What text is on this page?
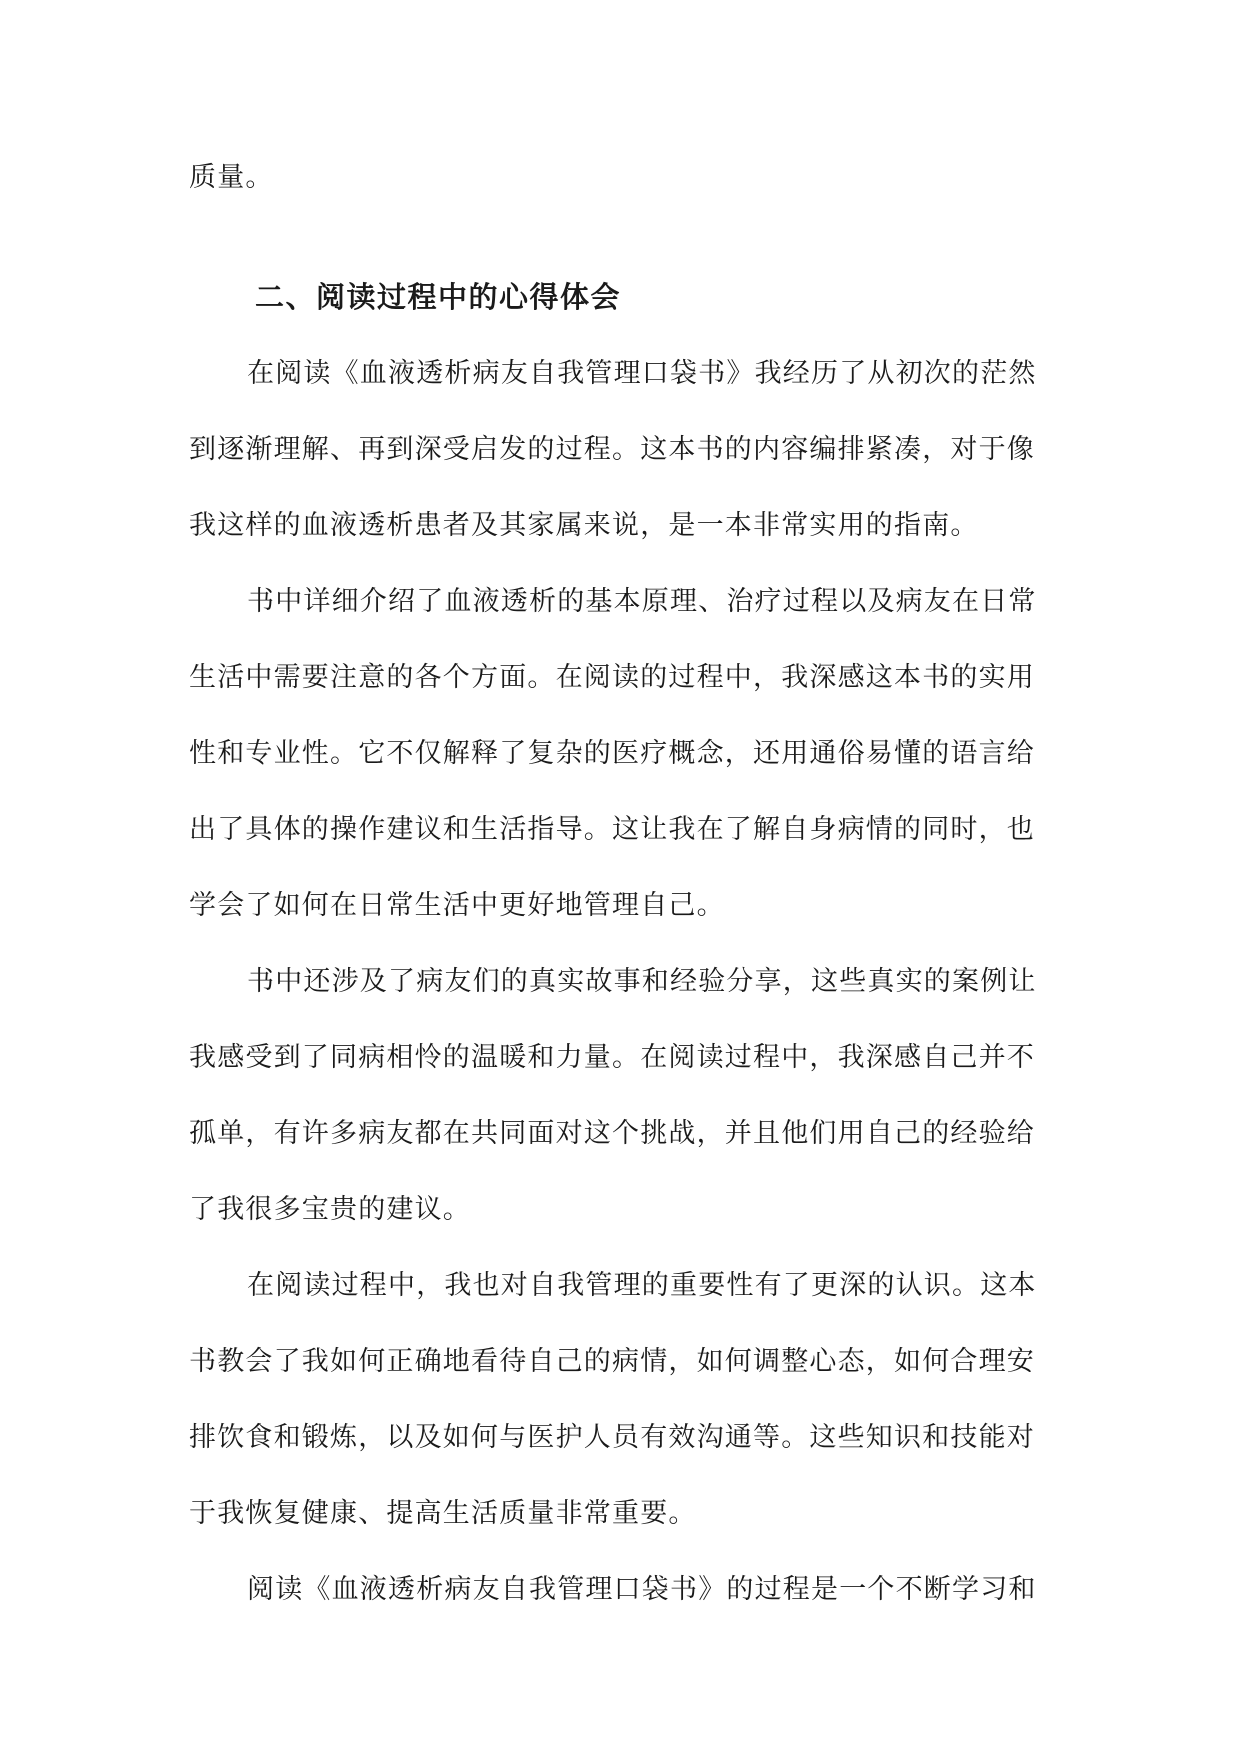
质量。
二、阅读过程中的心得体会
在阅读《血液透析病友自我管理口袋书》我经历了从初次的茫然
到逐渐理解、再到深受启发的过程。这本书的内容编排紧凑，对于像
我这样的血液透析患者及其家属来说，是一本非常实用的指南。
书中详细介绍了血液透析的基本原理、治疗过程以及病友在日常
生活中需要注意的各个方面。在阅读的过程中，我深感这本书的实用
性和专业性。它不仅解释了复杂的医疗概念，还用通俗易懂的语言给
出了具体的操作建议和生活指导。这让我在了解自身病情的同时，也
学会了如何在日常生活中更好地管理自己。
书中还涉及了病友们的真实故事和经验分享，这些真实的案例让
我感受到了同病相怜的温暖和力量。在阅读过程中，我深感自己并不
孤单，有许多病友都在共同面对这个挑战，并且他们用自己的经验给
了我很多宝贵的建议。
在阅读过程中，我也对自我管理的重要性有了更深的认识。这本
书教会了我如何正确地看待自己的病情，如何调整心态，如何合理安
排饮食和锻炼，以及如何与医护人员有效沟通等。这些知识和技能对
于我恢复健康、提高生活质量非常重要。
阅读《血液透析病友自我管理口袋书》的过程是一个不断学习和
